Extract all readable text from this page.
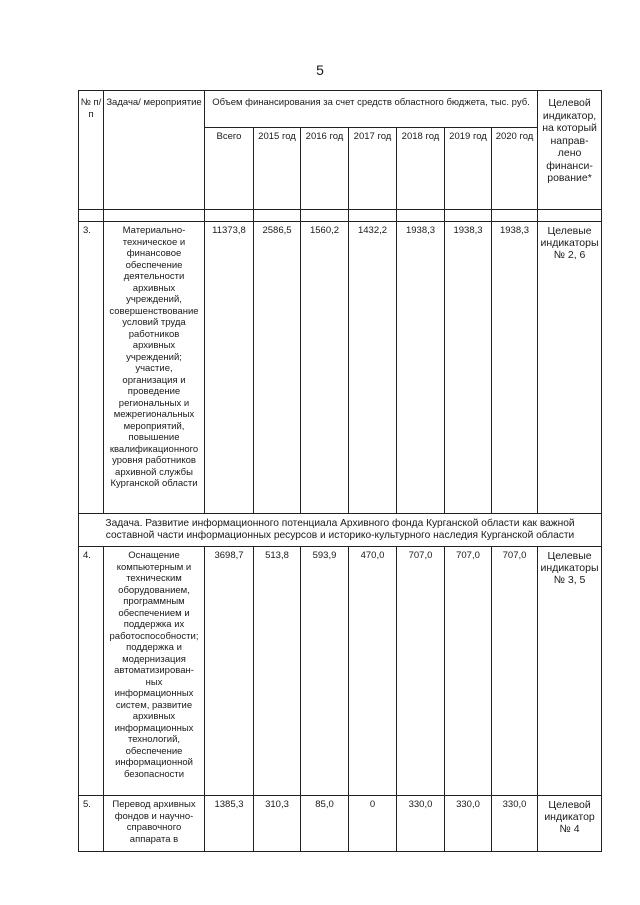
5
№ п/п	Задача/ мероприятие	Объем финансирования за счет средств областного бюджета, тыс. руб.							Целевой индикатор, на который направ- лено финанси- рование*
		Всего	2015 год	2016 год	2017 год	2018 год	2019 год	2020 год	

3.	Материально-техническое и финансовое обеспечение деятельности архивных учреждений, совершенствование условий труда работников архивных учреждений; участие, организация и проведение региональных и межрегиональных мероприятий, повышение квалификационного уровня работников архивной службы Курганской области	11373,8	2586,5	1560,2	1432,2	1938,3	1938,3	1938,3	Целевые индикаторы № 2, 6
Задача. Развитие информационного потенциала Архивного фонда Курганской области как важной составной части информационных ресурсов и историко-культурного наследия Курганской области									
4.	Оснащение компьютерным и техническим оборудованием, программным обеспечением и поддержка их работоспособности; поддержка и модернизация автоматизирован-ных информационных систем, развитие архивных информационных технологий, обеспечение информационной безопасности	3698,7	513,8	593,9	470,0	707,0	707,0	707,0	Целевые индикаторы № 3, 5
5.	Перевод архивных фондов и научно-справочного аппарата в	1385,3	310,3	85,0	0	330,0	330,0	330,0	Целевой индикатор № 4
